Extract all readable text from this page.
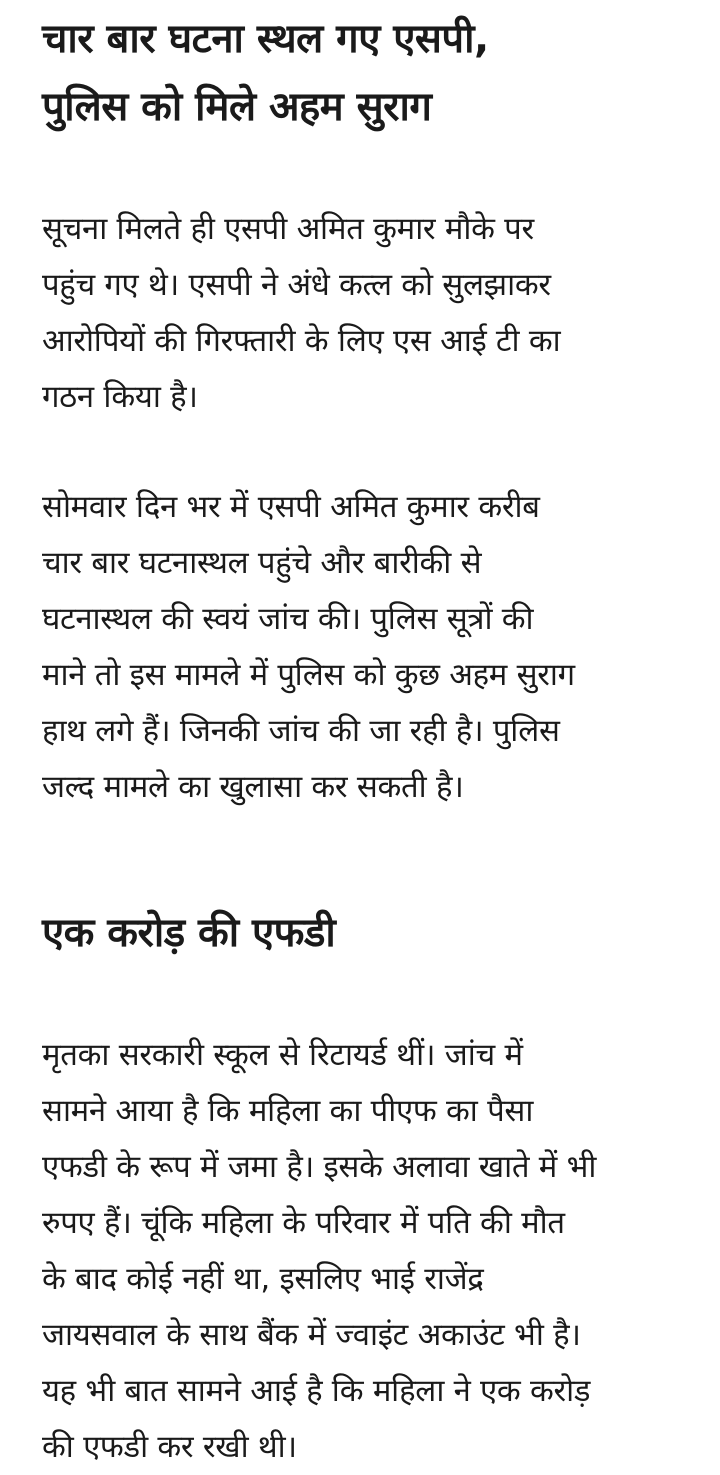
चार बार घटना स्थल गए एसपी,
पुलिस को मिले अहम सुराग

सूचना मिलते ही एसपी अमित कुमार मौके पर
पहुंच गए थे। एसपी ने अंधे कत्ल को सुलझाकर
आरोपियों की गिरफ्तारी के लिए एस आई टी का
गठन किया है।

सोमवार दिन भर में एसपी अमित कुमार करीब
चार बार घटनास्थल पहुंचे और बारीकी से
घटनास्थल की स्वयं जांच की। पुलिस सूत्रों की
माने तो इस मामले में पुलिस को कुछ अहम सुराग
हाथ लगे हैं। जिनकी जांच की जा रही है। पुलिस
जल्द मामले का खुलासा कर सकती है।

एक करोड़ की एफडी

मृतका सरकारी स्कूल से रिटायर्ड थीं। जांच में
सामने आया है कि महिला का पीएफ का पैसा
एफडी के रूप में जमा है। इसके अलावा खाते में भी
रुपए हैं। चूंकि महिला के परिवार में पति की मौत
के बाद कोई नहीं था, इसलिए भाई राजेंद्र
जायसवाल के साथ बैंक में ज्वाइंट अकाउंट भी है।
यह भी बात सामने आई है कि महिला ने एक करोड़
की एफडी कर रखी थी।
